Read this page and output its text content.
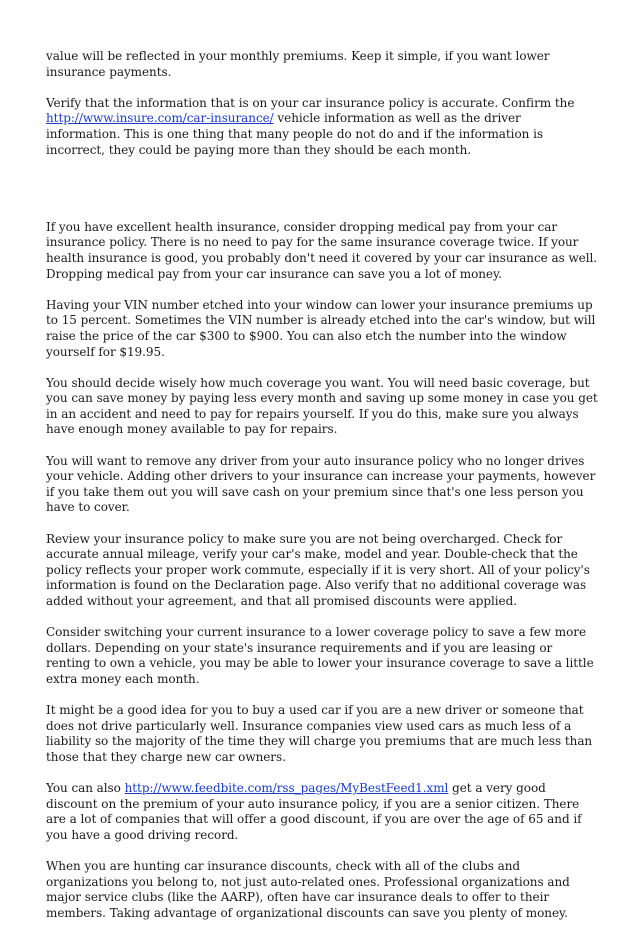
value will be reflected in your monthly premiums. Keep it simple, if you want lower insurance payments.

Verify that the information that is on your car insurance policy is accurate. Confirm the http://www.insure.com/car-insurance/ vehicle information as well as the driver information. This is one thing that many people do not do and if the information is incorrect, they could be paying more than they should be each month.

If you have excellent health insurance, consider dropping medical pay from your car insurance policy. There is no need to pay for the same insurance coverage twice. If your health insurance is good, you probably don't need it covered by your car insurance as well. Dropping medical pay from your car insurance can save you a lot of money.

Having your VIN number etched into your window can lower your insurance premiums up to 15 percent. Sometimes the VIN number is already etched into the car's window, but will raise the price of the car $300 to $900. You can also etch the number into the window yourself for $19.95.

You should decide wisely how much coverage you want. You will need basic coverage, but you can save money by paying less every month and saving up some money in case you get in an accident and need to pay for repairs yourself. If you do this, make sure you always have enough money available to pay for repairs.

You will want to remove any driver from your auto insurance policy who no longer drives your vehicle. Adding other drivers to your insurance can increase your payments, however if you take them out you will save cash on your premium since that's one less person you have to cover.

Review your insurance policy to make sure you are not being overcharged. Check for accurate annual mileage, verify your car's make, model and year. Double-check that the policy reflects your proper work commute, especially if it is very short. All of your policy's information is found on the Declaration page. Also verify that no additional coverage was added without your agreement, and that all promised discounts were applied.

Consider switching your current insurance to a lower coverage policy to save a few more dollars. Depending on your state's insurance requirements and if you are leasing or renting to own a vehicle, you may be able to lower your insurance coverage to save a little extra money each month.

It might be a good idea for you to buy a used car if you are a new driver or someone that does not drive particularly well. Insurance companies view used cars as much less of a liability so the majority of the time they will charge you premiums that are much less than those that they charge new car owners.

You can also http://www.feedbite.com/rss_pages/MyBestFeed1.xml get a very good discount on the premium of your auto insurance policy, if you are a senior citizen. There are a lot of companies that will offer a good discount, if you are over the age of 65 and if you have a good driving record.

When you are hunting car insurance discounts, check with all of the clubs and organizations you belong to, not just auto-related ones. Professional organizations and major service clubs (like the AARP), often have car insurance deals to offer to their members. Taking advantage of organizational discounts can save you plenty of money.
